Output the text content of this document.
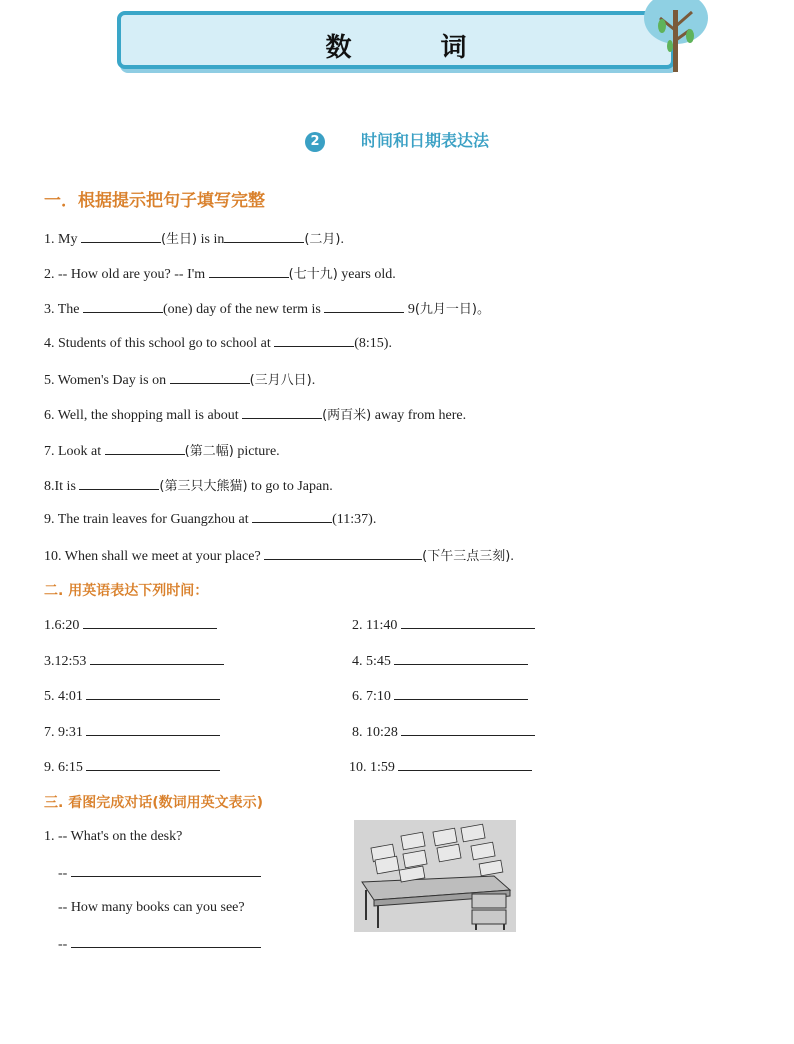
数 词
2	时间和日期表达法
一．根据提示把句子填写完整
1. My	(生日) is in	(二月).
2. -- How old are you? -- I'm	(七十九) years old.
3. The	(one) day of the new term is	9(九月一日)。
4. Students of this school go to school at	(8:15).
5. Women's Day is on	(三月八日).
6. Well, the shopping mall is about	(两百米) away from here.
7. Look at	(第二幅) picture.
8.It is	(第三只大熊猫) to go to Japan.
9. The train leaves for Guangzhou at	(11:37).
10. When shall we meet at your place?	(下午三点三刻).
二. 用英语表达下列时间：
1.6:20	2. 11:40
3.12:53	4. 5:45
5. 4:01	6. 7:10
7. 9:31	8. 10:28
9. 6:15	10. 1:59
三. 看图完成对话(数词用英文表示)
1. -- What's on the desk?
--
-- How many books can you see?
--
